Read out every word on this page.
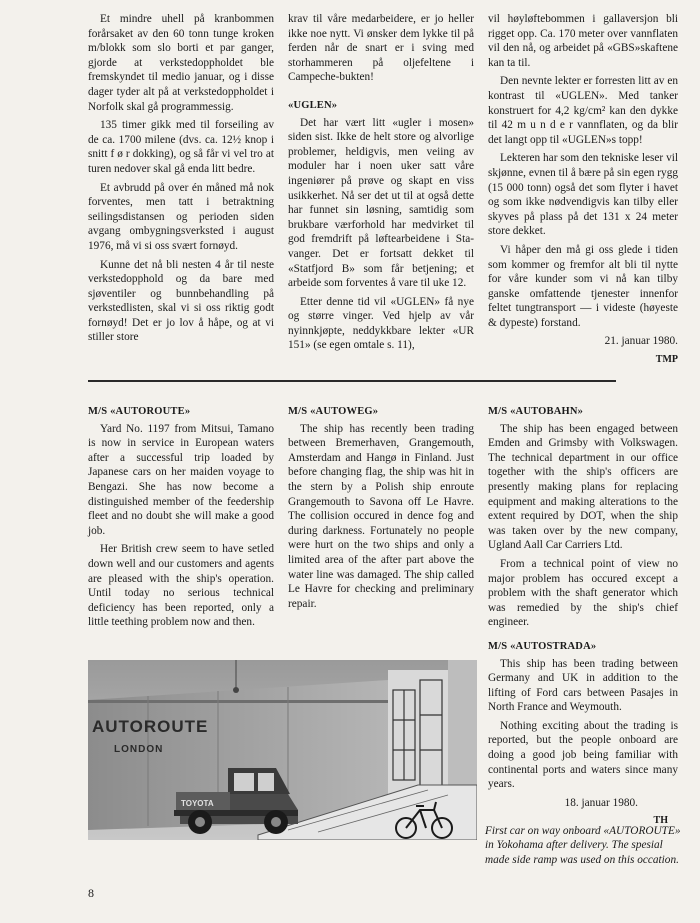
Et mindre uhell på kranbommen forårsaket av den 60 tonn tunge kroken m/blokk som slo borti et par ganger, gjorde at verkstedoppholdet ble fremskyndet til medio januar, og i disse dager tyder alt på at verkstedoppholdet i Norfolk skal gå programmessig.

135 timer gikk med til forseiling av de ca. 1700 milene (dvs. ca. 12½ knop i snitt f ø r dokking), og så får vi vel tro at turen nedover skal gå enda litt bedre.

Et avbrudd på over én måned må nok forventes, men tatt i betraktning seilingsdistansen og perioden siden avgang ombygningsverksted i august 1976, må vi si oss svært fornøyd.

Kunne det nå bli nesten 4 år til neste verkstedopphold og da bare med sjøventiler og bunnbehandling på verkstedlisten, skal vi si oss riktig godt fornøyd! Det er jo lov å håpe, og at vi stiller store

krav til våre medarbeidere, er jo heller ikke noe nytt. Vi ønsker dem lykke til på ferden når de snart er i sving med storhammeren på oljefeltene i Campeche-bukten!

«UGLEN»

Det har vært litt «ugler i mosen» siden sist. Ikke de helt store og alvorlige problemer, heldigvis, men veiing av moduler har i noen uker satt våre ingeniører på prøve og skapt en viss usikkerhet. Nå ser det ut til at også dette har funnet sin løsning, samtidig som brukbare værforhold har medvirket til god fremdrift på løftearbeidene i Stavanger. Det er fortsatt dekket til «Statfjord B» som får betjening; et arbeide som forventes å vare til uke 12.

Etter denne tid vil «UGLEN» få nye og større vinger. Ved hjelp av vår nyinnkjøpte, neddykkbare lekter «UR 151» (se egen omtale s. 11),

vil høyløftebommen i gallaversjon bli rigget opp. Ca. 170 meter over vannflaten vil den nå, og arbeidet på «GBS»skaftene kan ta til.

Den nevnte lekter er forresten litt av en kontrast til «UGLEN». Med tanker konstruert for 4,2 kg/cm² kan den dykke til 42 m u n d e r vannflaten, og da blir det langt opp til «UGLEN»s topp!

Lekteren har som den tekniske leser vil skjønne, evnen til å bære på sin egen rygg (15 000 tonn) også det som flyter i havet og som ikke nødvendigvis kan tilby eller skyves på plass på det 131 x 24 meter store dekket.

Vi håper den må gi oss glede i tiden som kommer og fremfor alt bli til nytte for våre kunder som vi nå kan tilby ganske omfattende tjenester innenfor feltet tungtransport — i videste (høyeste & dypeste) forstand.

21. januar 1980.

TMP
M/S «AUTOROUTE»

Yard No. 1197 from Mitsui, Tamano is now in service in European waters after a successful trip loaded by Japanese cars on her maiden voyage to Bengazi. She has now become a distinguished member of the feedership fleet and no doubt she will make a good job.

Her British crew seem to have setled down well and our customers and agents are pleased with the ship's operation. Until today no serious technical deficiency has been reported, only a little teething problem now and then.

M/S «AUTOWEG»

The ship has recently been trading between Bremerhaven, Grangemouth, Amsterdam and Hangø in Finland. Just before changing flag, the ship was hit in the stern by a Polish ship enroute Grangemouth to Savona off Le Havre. The collision occured in dence fog and during darkness. Fortunately no people were hurt on the two ships and only a limited area of the after part above the water line was damaged. The ship called Le Havre for checking and preliminary repair.

M/S «AUTOBAHN»

The ship has been engaged between Emden and Grimsby with Volkswagen. The technical department in our office together with the ship's officers are presently making plans for replacing equipment and making alterations to the extent required by DOT, when the ship was taken over by the new company, Ugland Aall Car Carriers Ltd.

From a technical point of view no major problem has occured except a problem with the shaft generator which was remedied by the ship's chief engineer.

M/S «AUTOSTRADA»

This ship has been trading between Germany and UK in addition to the lifting of Ford cars between Pasajes in North France and Weymouth.

Nothing exciting about the trading is reported, but the people onboard are doing a good job being familiar with continental ports and waters since many years.

18. januar 1980.

TH
AUTOROUTE
LONDON
TOYOTA
First car on way onboard «AUTOROUTE» in Yokohama after delivery. The spesial made side ramp was used on this occation.
8
